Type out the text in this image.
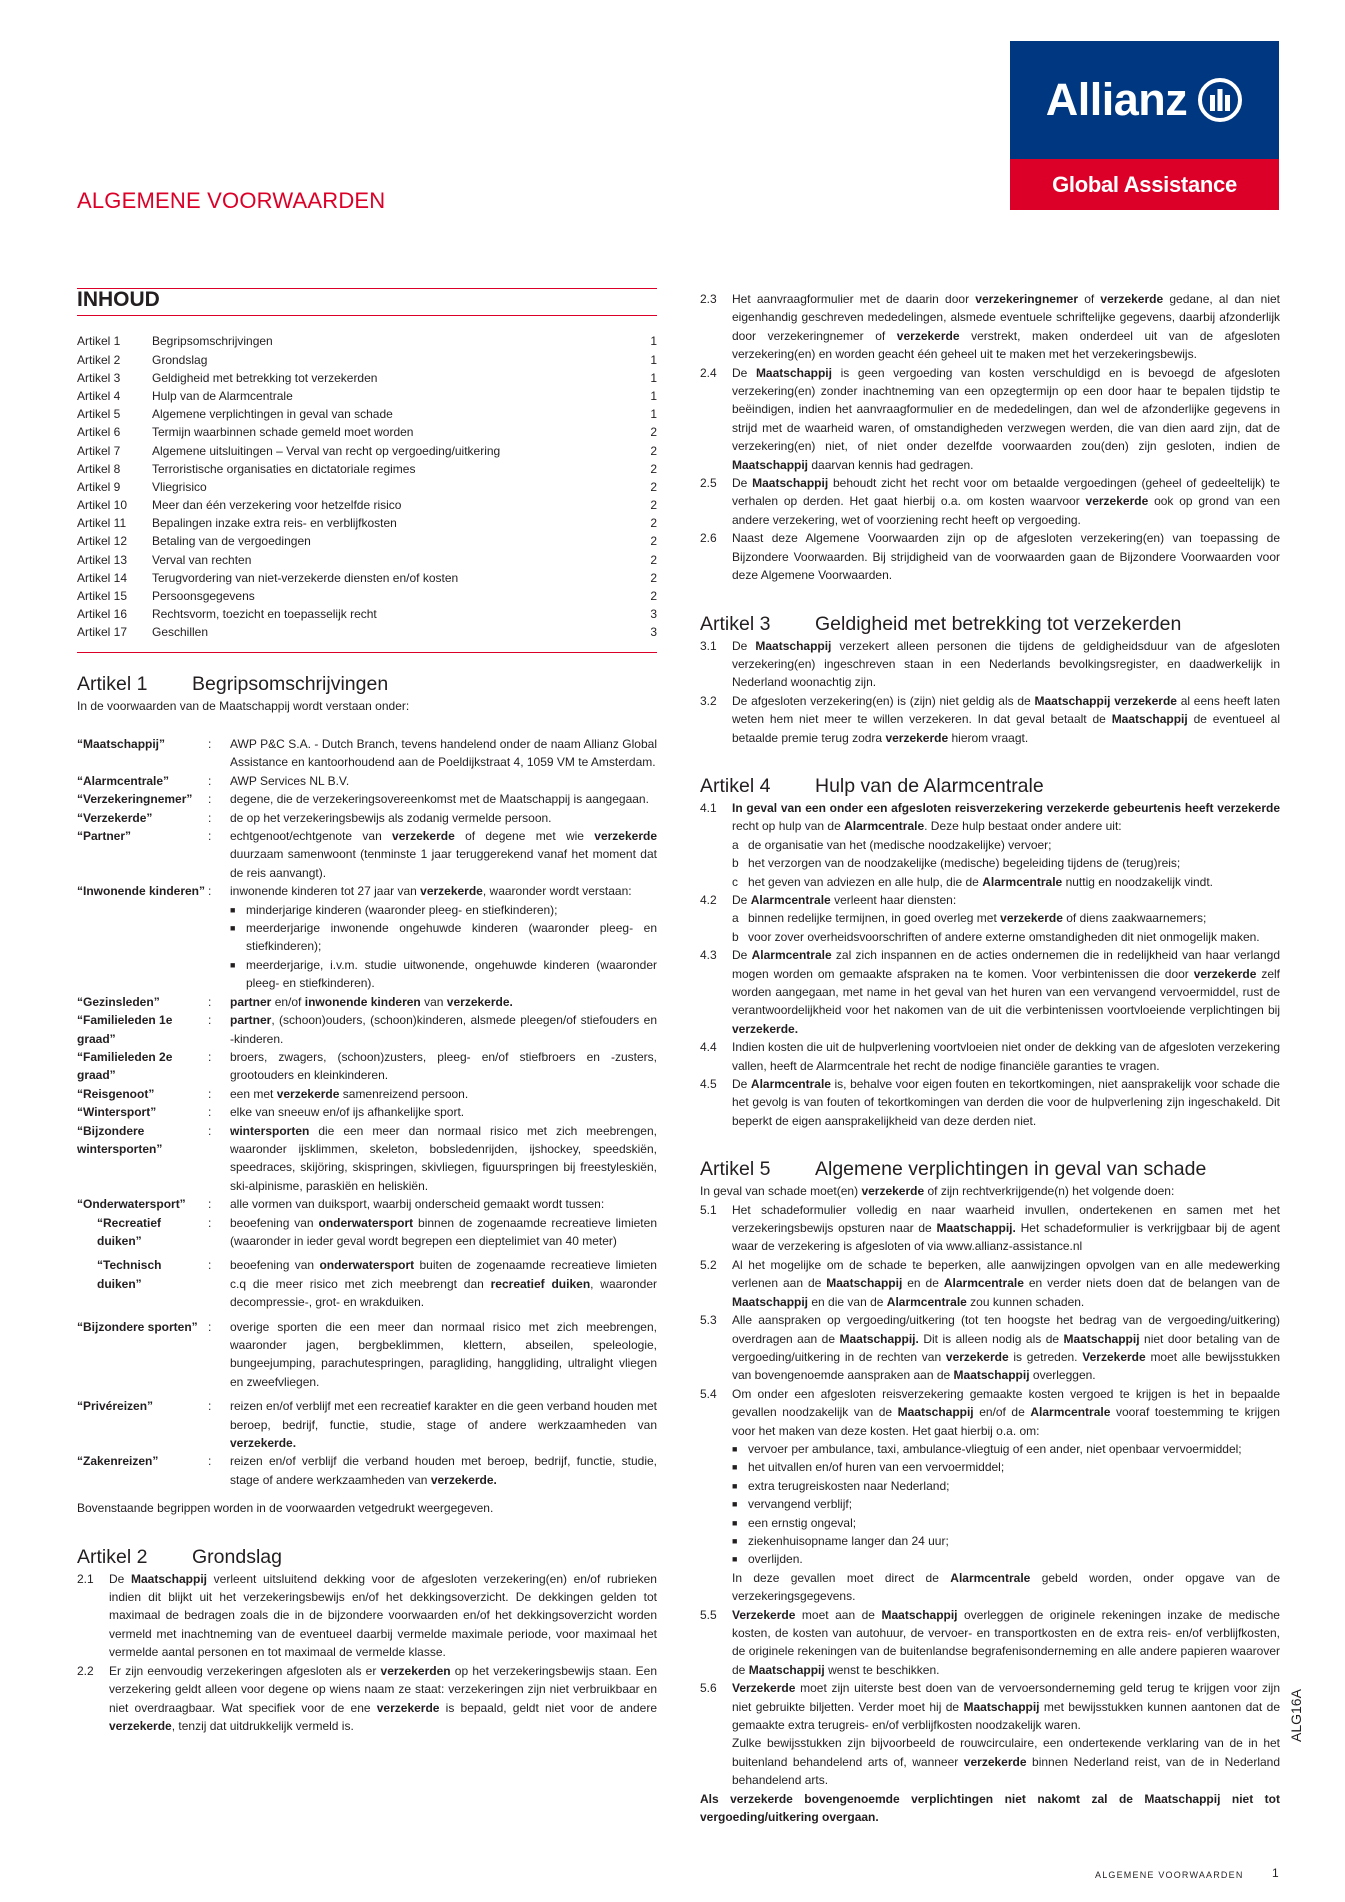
Allianz
Global Assistance
ALGEMENE VOORWAARDEN
INHOUD
Artikel 1	Begripsomschrijvingen	1
Artikel 2	Grondslag	1
Artikel 3	Geldigheid met betrekking tot verzekerden	1
Artikel 4	Hulp van de Alarmcentrale	1
Artikel 5	Algemene verplichtingen in geval van schade	1
Artikel 6	Termijn waarbinnen schade gemeld moet worden	2
Artikel 7	Algemene uitsluitingen – Verval van recht op vergoeding/uitkering	2
Artikel 8	Terroristische organisaties en dictatoriale regimes	2
Artikel 9	Vliegrisico	2
Artikel 10	Meer dan één verzekering voor hetzelfde risico	2
Artikel 11	Bepalingen inzake extra reis- en verblijfkosten	2
Artikel 12	Betaling van de vergoedingen	2
Artikel 13	Verval van rechten	2
Artikel 14	Terugvordering van niet-verzekerde diensten en/of kosten	2
Artikel 15	Persoonsgegevens	2
Artikel 16	Rechtsvorm, toezicht en toepasselijk recht	3
Artikel 17	Geschillen	3
Artikel 1	Begripsomschrijvingen
In de voorwaarden van de Maatschappij wordt verstaan onder:
“Maatschappij”	:	AWP P&C S.A. - Dutch Branch, tevens handelend onder de naam Allianz Global Assistance en kantoorhoudend aan de Poeldijkstraat 4, 1059 VM te Amsterdam.
“Alarmcentrale”	:	AWP Services NL B.V.
“Verzekeringnemer”	:	degene, die de verzekeringsovereenkomst met de Maatschappij is aangegaan.
“Verzekerde”	:	de op het verzekeringsbewijs als zodanig vermelde persoon.
“Partner”	:	echtgenoot/echtgenote van verzekerde of degene met wie verzekerde duurzaam samenwoont (tenminste 1 jaar teruggerekend vanaf het moment dat de reis aanvangt).
“Inwonende kinderen” :	inwonende kinderen tot 27 jaar van verzekerde, waaronder wordt verstaan:
■ minderjarige kinderen (waaronder pleeg- en stiefkinderen);
■ meerderjarige inwonende ongehuwde kinderen (waaronder pleeg- en stiefkinderen);
■ meerderjarige, i.v.m. studie uitwonende, ongehuwde kinderen (waaronder pleeg- en stiefkinderen).
“Gezinsleden”	:	partner en/of inwonende kinderen van verzekerde.
“Familieleden 1e graad”
:	partner, (schoon)ouders, (schoon)kinderen, alsmede pleegen/of stiefouders en -kinderen.
“Familieleden 2e graad”
:	broers, zwagers, (schoon)zusters, pleeg- en/of stiefbroers en -zusters, grootouders en kleinkinderen.
“Reisgenoot”	:	een met verzekerde samenreizend persoon.
“Wintersport”	:	elke van sneeuw en/of ijs afhankelijke sport.
“Bijzondere wintersporten”
:	wintersporten die een meer dan normaal risico met zich meebrengen, waaronder ijsklimmen, skeleton, bobsledenrijden, ijshockey, speedskiën, speedraces, skijöring, skispringen, skivliegen, figuurspringen bij freestyleskiën, ski-alpinisme, paraskiën en heliskiën.
“Onderwatersport”	:	alle vormen van duiksport, waarbij onderscheid gemaakt wordt tussen:
“Recreatief duiken”
:	beoefening van onderwatersport binnen de zogenaamde recreatieve limieten (waaronder in ieder geval wordt begrepen een dieptelimiet van 40 meter)
“Technisch duiken”
:	beoefening van onderwatersport buiten de zogenaamde recreatieve limieten c.q die meer risico met zich meebrengt dan recreatief duiken, waaronder decompressie-, grot- en wrakduiken.
“Bijzondere sporten” :	overige sporten die een meer dan normaal risico met zich meebrengen, waaronder jagen, bergbeklimmen, klettern, abseilen, speleologie, bungeejumping, parachutespringen, paragliding, hanggliding, ultralight vliegen en zweefvliegen.
“Privéreizen”	:	reizen en/of verblijf met een recreatief karakter en die geen verband houden met beroep, bedrijf, functie, studie, stage of andere werkzaamheden van verzekerde.
“Zakenreizen”	:	reizen en/of verblijf die verband houden met beroep, bedrijf, functie, studie, stage of andere werkzaamheden van verzekerde.
Bovenstaande begrippen worden in de voorwaarden vetgedrukt weergegeven.
Artikel 2	Grondslag
2.1	De Maatschappij verleent uitsluitend dekking voor de afgesloten verzekering(en) en/of rubrieken indien dit blijkt uit het verzekeringsbewijs en/of het dekkingsoverzicht. De dekkingen gelden tot maximaal de bedragen zoals die in de bijzondere voorwaarden en/of het dekkingsoverzicht worden vermeld met inachtneming van de eventueel daarbij vermelde maximale periode, voor maximaal het vermelde aantal personen en tot maximaal de vermelde klasse.
2.2	Er zijn eenvoudig verzekeringen afgesloten als er verzekerden op het verzekeringsbewijs staan. Een verzekering geldt alleen voor degene op wiens naam ze staat: verzekeringen zijn niet verbruikbaar en niet overdraagbaar. Wat specifiek voor de ene verzekerde is bepaald, geldt niet voor de andere verzekerde, tenzij dat uitdrukkelijk vermeld is.
2.3	Het aanvraagformulier met de daarin door verzekeringnemer of verzekerde gedane, al dan niet eigenhandig geschreven mededelingen, alsmede eventuele schriftelijke gegevens, daarbij afzonderlijk door verzekeringnemer of verzekerde verstrekt, maken onderdeel uit van de afgesloten verzekering(en) en worden geacht één geheel uit te maken met het verzekeringsbewijs.
2.4	De Maatschappij is geen vergoeding van kosten verschuldigd en is bevoegd de afgesloten verzekering(en) zonder inachtneming van een opzegtermijn op een door haar te bepalen tijdstip te beëindigen, indien het aanvraagformulier en de mededelingen, dan wel de afzonderlijke gegevens in strijd met de waarheid waren, of omstandigheden verzwegen werden, die van dien aard zijn, dat de verzekering(en) niet, of niet onder dezelfde voorwaarden zou(den) zijn gesloten, indien de Maatschappij daarvan kennis had gedragen.
2.5	De Maatschappij behoudt zicht het recht voor om betaalde vergoedingen (geheel of gedeeltelijk) te verhalen op derden. Het gaat hierbij o.a. om kosten waarvoor verzekerde ook op grond van een andere verzekering, wet of voorziening recht heeft op vergoeding.
2.6	Naast deze Algemene Voorwaarden zijn op de afgesloten verzekering(en) van toepassing de Bijzondere Voorwaarden. Bij strijdigheid van de voorwaarden gaan de Bijzondere Voorwaarden voor deze Algemene Voorwaarden.
Artikel 3	Geldigheid met betrekking tot verzekerden
3.1	De Maatschappij verzekert alleen personen die tijdens de geldigheidsduur van de afgesloten verzekering(en) ingeschreven staan in een Nederlands bevolkingsregister, en daadwerkelijk in Nederland woonachtig zijn.
3.2	De afgesloten verzekering(en) is (zijn) niet geldig als de Maatschappij verzekerde al eens heeft laten weten hem niet meer te willen verzekeren. In dat geval betaalt de Maatschappij de eventueel al betaalde premie terug zodra verzekerde hierom vraagt.
Artikel 4	Hulp van de Alarmcentrale
4.1	In geval van een onder een afgesloten reisverzekering verzekerde gebeurtenis heeft verzekerde recht op hulp van de Alarmcentrale. Deze hulp bestaat onder andere uit:
a de organisatie van het (medische noodzakelijke) vervoer;
b het verzorgen van de noodzakelijke (medische) begeleiding tijdens de (terug)reis;
c het geven van adviezen en alle hulp, die de Alarmcentrale nuttig en noodzakelijk vindt.
4.2	De Alarmcentrale verleent haar diensten:
a binnen redelijke termijnen, in goed overleg met verzekerde of diens zaakwaarnemers;
b voor zover overheidsvoorschriften of andere externe omstandigheden dit niet onmogelijk maken.
4.3	De Alarmcentrale zal zich inspannen en de acties ondernemen die in redelijkheid van haar verlangd mogen worden om gemaakte afspraken na te komen. Voor verbintenissen die door verzekerde zelf worden aangegaan, met name in het geval van het huren van een vervangend vervoermiddel, rust de verantwoordelijkheid voor het nakomen van de uit die verbintenissen voortvloeiende verplichtingen bij verzekerde.
4.4	Indien kosten die uit de hulpverlening voortvloeien niet onder de dekking van de afgesloten verzekering vallen, heeft de Alarmcentrale het recht de nodige financiële garanties te vragen.
4.5	De Alarmcentrale is, behalve voor eigen fouten en tekortkomingen, niet aansprakelijk voor schade die het gevolg is van fouten of tekortkomingen van derden die voor de hulpverlening zijn ingeschakeld. Dit beperkt de eigen aansprakelijkheid van deze derden niet.
Artikel 5	Algemene verplichtingen in geval van schade
In geval van schade moet(en) verzekerde of zijn rechtverkrijgende(n) het volgende doen:
5.1	Het schadeformulier volledig en naar waarheid invullen, ondertekenen en samen met het verzekeringsbewijs opsturen naar de Maatschappij. Het schadeformulier is verkrijgbaar bij de agent waar de verzekering is afgesloten of via www.allianz-assistance.nl
5.2	Al het mogelijke om de schade te beperken, alle aanwijzingen opvolgen van en alle medewerking verlenen aan de Maatschappij en de Alarmcentrale en verder niets doen dat de belangen van de Maatschappij en die van de Alarmcentrale zou kunnen schaden.
5.3	Alle aanspraken op vergoeding/uitkering (tot ten hoogste het bedrag van de vergoeding/uitkering) overdragen aan de Maatschappij. Dit is alleen nodig als de Maatschappij niet door betaling van de vergoeding/uitkering in de rechten van verzekerde is getreden. Verzekerde moet alle bewijsstukken van bovengenoemde aanspraken aan de Maatschappij overleggen.
5.4	Om onder een afgesloten reisverzekering gemaakte kosten vergoed te krijgen is het in bepaalde gevallen noodzakelijk van de Maatschappij en/of de Alarmcentrale vooraf toestemming te krijgen voor het maken van deze kosten. Het gaat hierbij o.a. om:
■ vervoer per ambulance, taxi, ambulance-vliegtuig of een ander, niet openbaar vervoermiddel;
■ het uitvallen en/of huren van een vervoermiddel;
■ extra terugreiskosten naar Nederland;
■ vervangend verblijf;
■ een ernstig ongeval;
■ ziekenhuisopname langer dan 24 uur;
■ overlijden.
In deze gevallen moet direct de Alarmcentrale gebeld worden, onder opgave van de verzekeringsgegevens.
5.5	Verzekerde moet aan de Maatschappij overleggen de originele rekeningen inzake de medische kosten, de kosten van autohuur, de vervoer- en transportkosten en de extra reis- en/of verblijfkosten, de originele rekeningen van de buitenlandse begrafenisonderneming en alle andere papieren waarover de Maatschappij wenst te beschikken.
5.6	Verzekerde moet zijn uiterste best doen van de vervoersonderneming geld terug te krijgen voor zijn niet gebruikte biljetten. Verder moet hij de Maatschappij met bewijsstukken kunnen aantonen dat de gemaakte extra terugreis- en/of verblijfkosten noodzakelijk waren.
Zulke bewijsstukken zijn bijvoorbeeld de rouwcirculaire, een onderteкende verklaring van de in het buitenland behandelend arts of, wanneer verzekerde binnen Nederland reist, van de in Nederland behandelend arts.
Als verzekerde bovengenoemde verplichtingen niet nakomt zal de Maatschappij niet tot vergoeding/uitkering overgaan.
ALG16A
ALGEMENE VOORWAARDEN 1
